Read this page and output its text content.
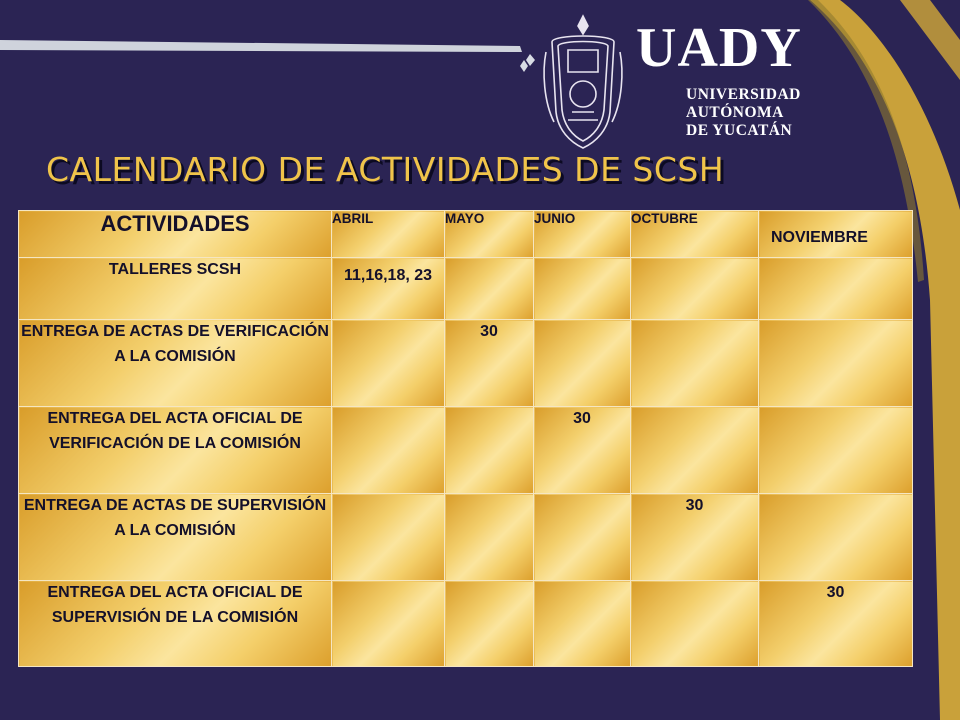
UADY
UNIVERSIDAD
AUTÓNOMA
DE YUCATÁN
CALENDARIO DE ACTIVIDADES DE SCSH
ACTIVIDADES	ABRIL	MAYO	JUNIO	OCTUBRE	NOVIEMBRE
TALLERES SCSH	11,16,18, 23				
ENTREGA DE ACTAS DE VERIFICACIÓN A LA COMISIÓN		30			
ENTREGA DEL ACTA OFICIAL DE VERIFICACIÓN DE LA COMISIÓN			30		
ENTREGA DE ACTAS DE SUPERVISIÓN A LA COMISIÓN				30	
ENTREGA DEL ACTA OFICIAL DE SUPERVISIÓN DE LA COMISIÓN					30
